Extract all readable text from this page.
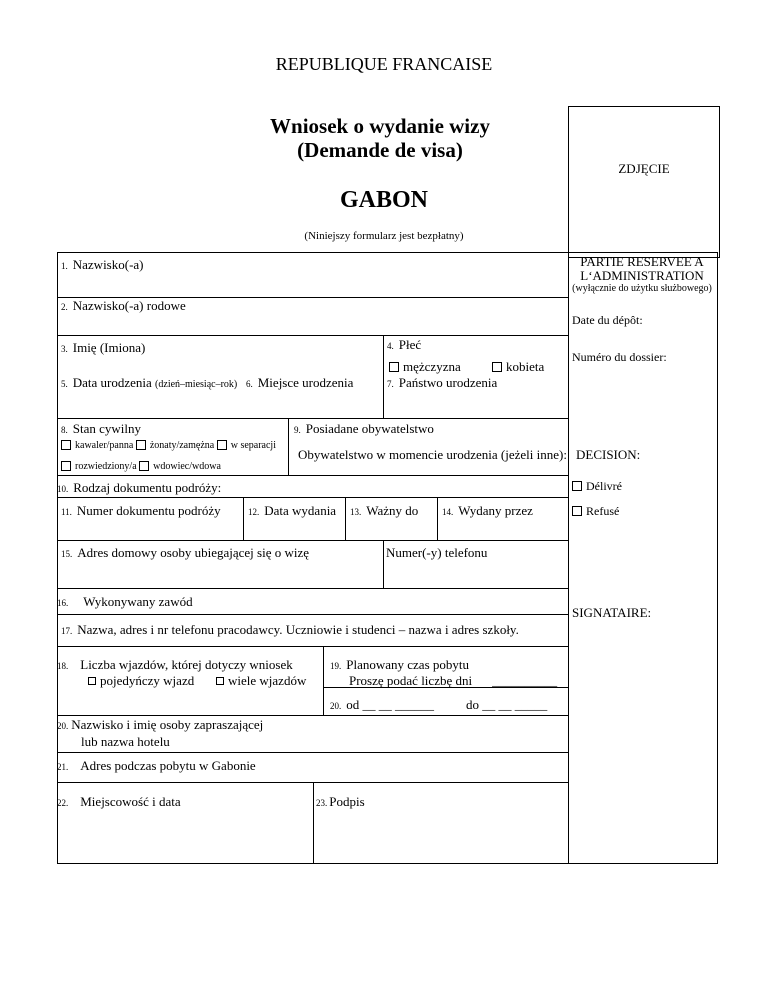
REPUBLIQUE FRANCAISE
Wniosek o wydanie wizy
(Demande de visa)
GABON
(Niniejszy formularz jest bezpłatny)
ZDJĘCIE
PARTIE RESERVEE A
L‘ADMINISTRATION
(wyłącznie do użytku służbowego)
Date du dépôt:
Numéro du dossier:
DECISION:
Délivré
Refusé
SIGNATAIRE:
1. Nazwisko(-a)
2. Nazwisko(-a) rodowe
3. Imię (Imiona)	4. Płeć
mężczyzna	kobieta
5. Data urodzenia (dzień–miesiąc–rok) 6. Miejsce urodzenia	7. Państwo urodzenia
8. Stan cywilny
kawaler/panna żonaty/zamężna w separacji
rozwiedziony/a wdowiec/wdowa
9. Posiadane obywatelstwo
Obywatelstwo w momencie urodzenia (jeżeli inne):
10. Rodzaj dokumentu podróży:
11. Numer dokumentu podróży	12. Data wydania 13. Ważny do	14. Wydany przez
15. Adres domowy osoby ubiegającej się o wizę	Numer(-y) telefonu
16. Wykonywany zawód
17. Nazwa, adres i nr telefonu pracodawcy. Uczniowie i studenci – nazwa i adres szkoły.
18. Liczba wjazdów, której dotyczy wniosek
pojedyńczy wjazd	wiele wjazdów
19. Planowany czas pobytu
Proszę podać liczbę dni __________
20. od __ __ ______ do __ __ _____
20. Nazwisko i imię osoby zapraszającej
lub nazwa hotelu
21. Adres podczas pobytu w Gabonie
22. Miejscowość i data	23. Podpis
